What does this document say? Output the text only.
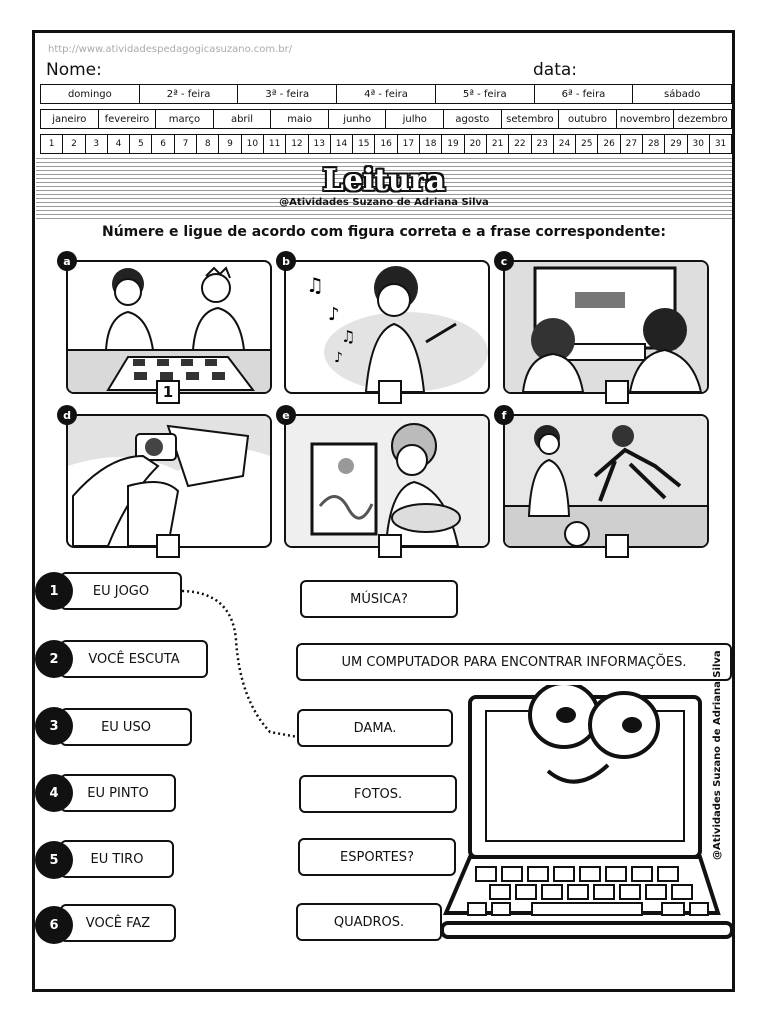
http://www.atividadespedagogicasuzano.com.br/
Nome:	data:
domingo	2ª - feira	3ª - feira	4ª - feira	5ª - feira	6ª - feira	sábado
janeiro	fevereiro	março	abril	maio	junho	julho	agosto	setembro	outubro	novembro dezembro
1	2	3	4	5	6	7	8	9	10	11	12	13	14	15	16	17	18	19	20	21	22	23	24	25	26	27	28	29	30	31
Leitura
@Atividades Suzano de Adriana Silva
Númere e ligue de acordo com figura correta e a frase correspondente:
a
1
♫
♪
♫
♪
b	c
d	e	f
EU JOGO
1
VOCÊ ESCUTA
2
EU USO
3
EU PINTO
4
EU TIRO
5
VOCÊ FAZ
6
MÚSICA?
UM COMPUTADOR PARA ENCONTRAR INFORMAÇÕES.
DAMA.
FOTOS.
ESPORTES?
QUADROS.
@Atividades Suzano de Adriana Silva
